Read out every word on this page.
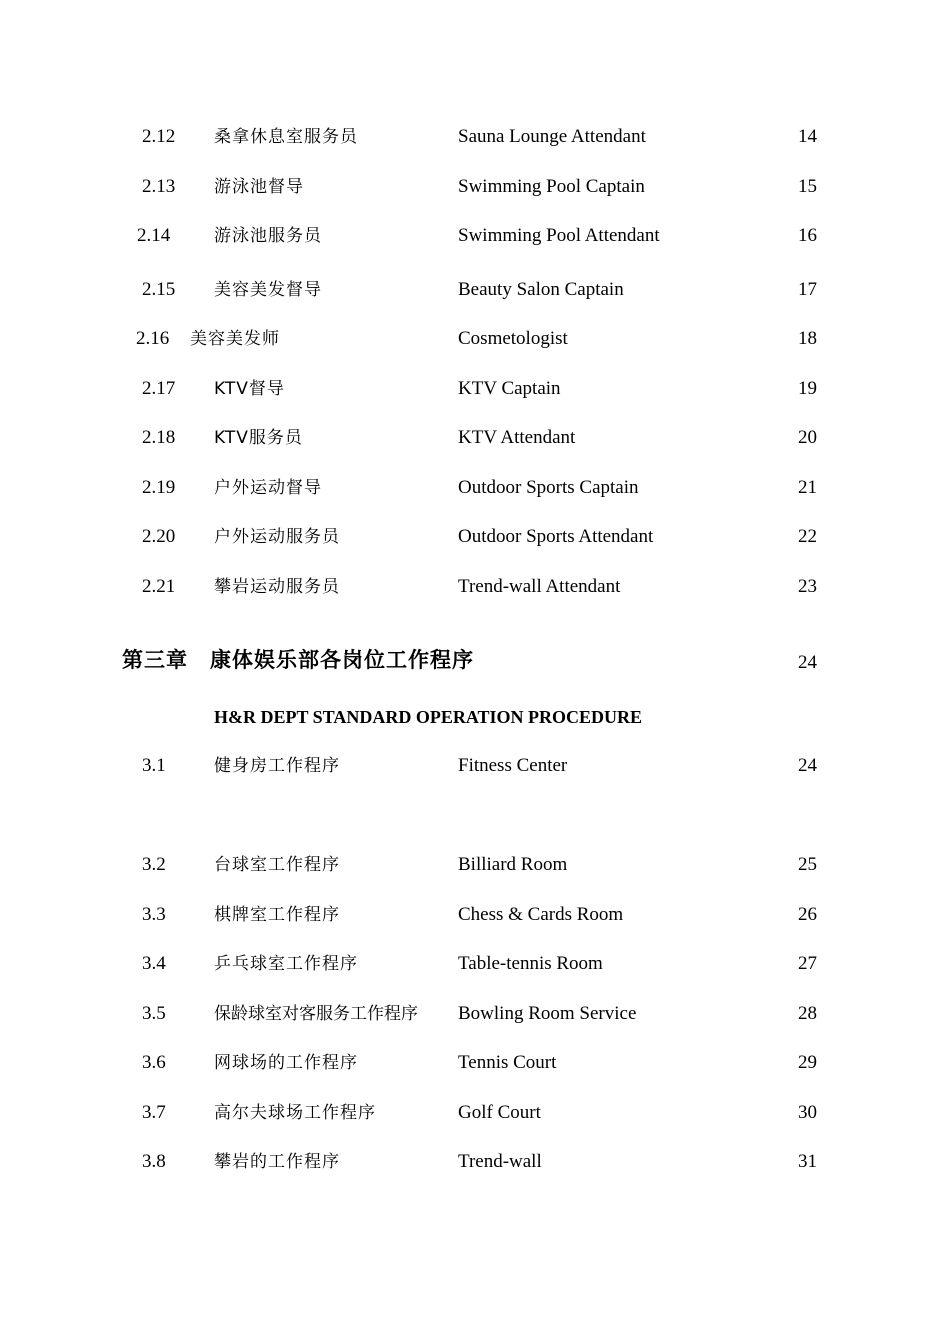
2.12 桑拿休息室服务员	Sauna Lounge Attendant	14
2.13 游泳池督导	Swimming Pool Captain	15
2.14	游泳池服务员	Swimming Pool Attendant	16
2.15 美容美发督导	Beauty Salon Captain	17
2.16 美容美发师	Cosmetologist	18
2.17 KTV督导	KTV Captain	19
2.18 KTV服务员	KTV Attendant	20
2.19 户外运动督导	Outdoor Sports Captain	21
2.20 户外运动服务员	Outdoor Sports Attendant	22
2.21 攀岩运动服务员	Trend-wall Attendant	23
第三章　康体娱乐部各岗位工作程序	24
H&R DEPT STANDARD OPERATION PROCEDURE
3.1	健身房工作程序	Fitness Center	24
3.2	台球室工作程序	Billiard Room	25
3.3	棋牌室工作程序	Chess & Cards Room	26
3.4	乒乓球室工作程序	Table-tennis Room	27
3.5	保龄球室对客服务工作程序 Bowling Room Service	28
3.6	网球场的工作程序	Tennis Court	29
3.7	高尔夫球场工作程序	Golf Court	30
3.8	攀岩的工作程序	Trend-wall	31
